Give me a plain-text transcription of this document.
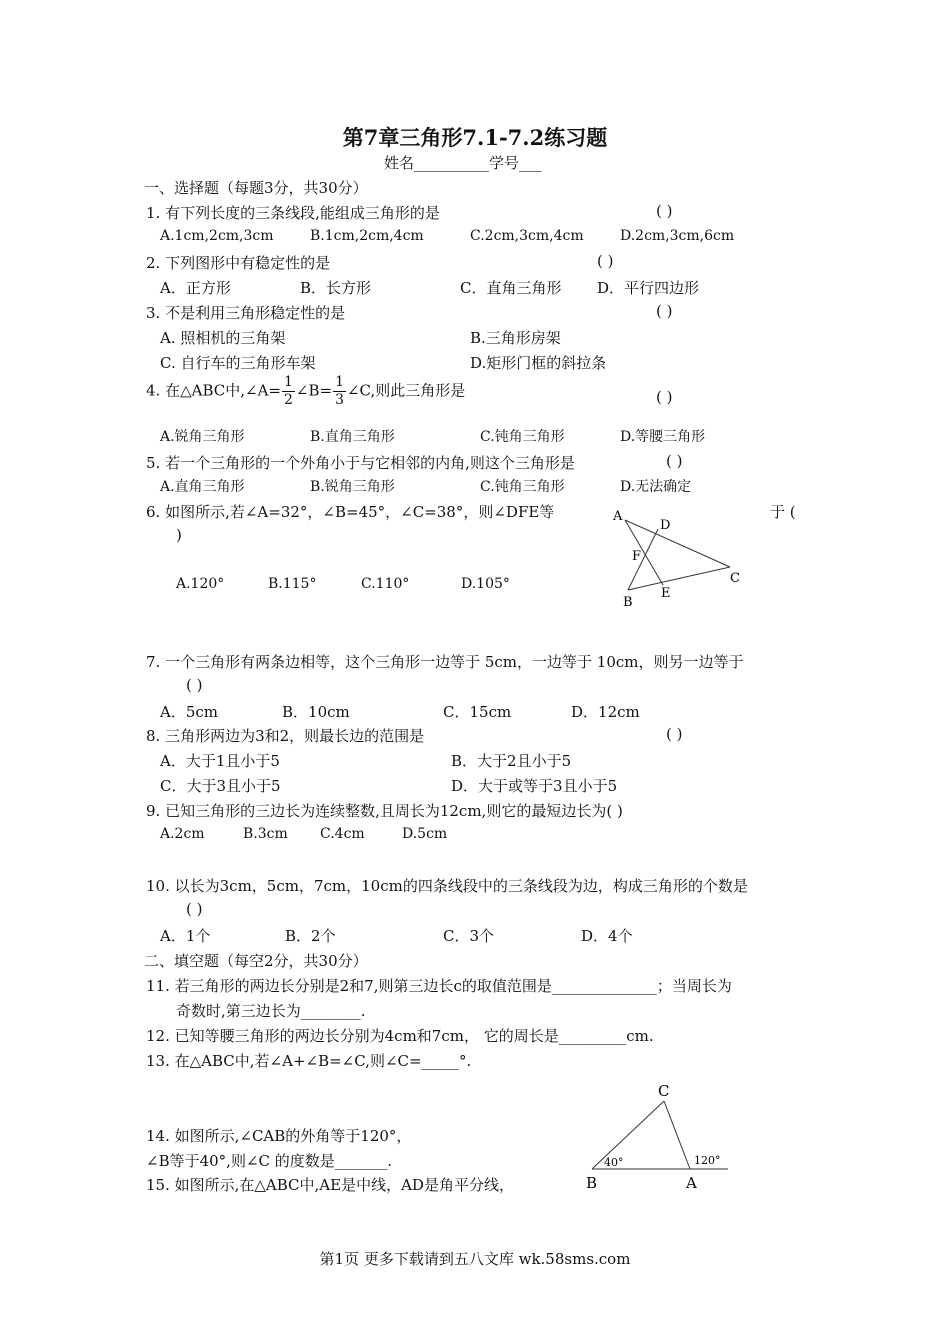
第7章三角形7.1-7.2练习题
姓名__________学号___
一、选择题（每题3分，共30分）
1. 有下列长度的三条线段,能组成三角形的是	( )
A.1cm,2cm,3cm	B.1cm,2cm,4cm	C.2cm,3cm,4cm	D.2cm,3cm,6cm
2. 下列图形中有稳定性的是	( )
A．正方形	B．长方形	C．直角三角形 D．平行四边形
3. 不是利用三角形稳定性的是	( )
A. 照相机的三角架	B.三角形房架
C. 自行车的三角形车架	D.矩形门框的斜拉条
4. 在△ABC中,∠A= $\frac{1}{2}$ ∠B= $\frac{1}{3}$ ∠C,则此三角形是	( )
A.锐角三角形	B.直角三角形	C.钝角三角形	D.等腰三角形
5. 若一个三角形的一个外角小于与它相邻的内角,则这个三角形是	( )
A.直角三角形	B.锐角三角形	C.钝角三角形	D.无法确定
6. 如图所示,若∠A=32°，∠B=45°，∠C=38°，则∠DFE等	于 (
)
A.120°	B.115°	C.110°	D.105°
A
D
F
C
B
E
7. 一个三角形有两条边相等，这个三角形一边等于 5cm，一边等于 10cm，则另一边等于
( )
A．5cm	B．10cm	C．15cm	D．12cm
8. 三角形两边为3和2，则最长边的范围是	( )
A．大于1且小于5	B．大于2且小于5
C．大于3且小于5	D．大于或等于3且小于5
9. 已知三角形的三边长为连续整数,且周长为12cm,则它的最短边长为( )
A.2cm	B.3cm C.4cm	D.5cm
10. 以长为3cm，5cm，7cm，10cm的四条线段中的三条线段为边，构成三角形的个数是
( )
A．1个	B．2个	C．3个	D．4个
二、填空题（每空2分，共30分）
11. 若三角形的两边长分别是2和7,则第三边长c的取值范围是______________；当周长为
奇数时,第三边长为________.
12. 已知等腰三角形的两边长分别为4cm和7cm， 它的周长是_________cm.
13. 在△ABC中,若∠A+∠B=∠C,则∠C=_____°.
14. 如图所示,∠CAB的外角等于120°，
∠B等于40°,则∠C 的度数是_______.
15. 如图所示,在△ABC中,AE是中线，AD是角平分线，
C
B	A
40°	120°
第1页 更多下载请到五八文库 wk.58sms.com
